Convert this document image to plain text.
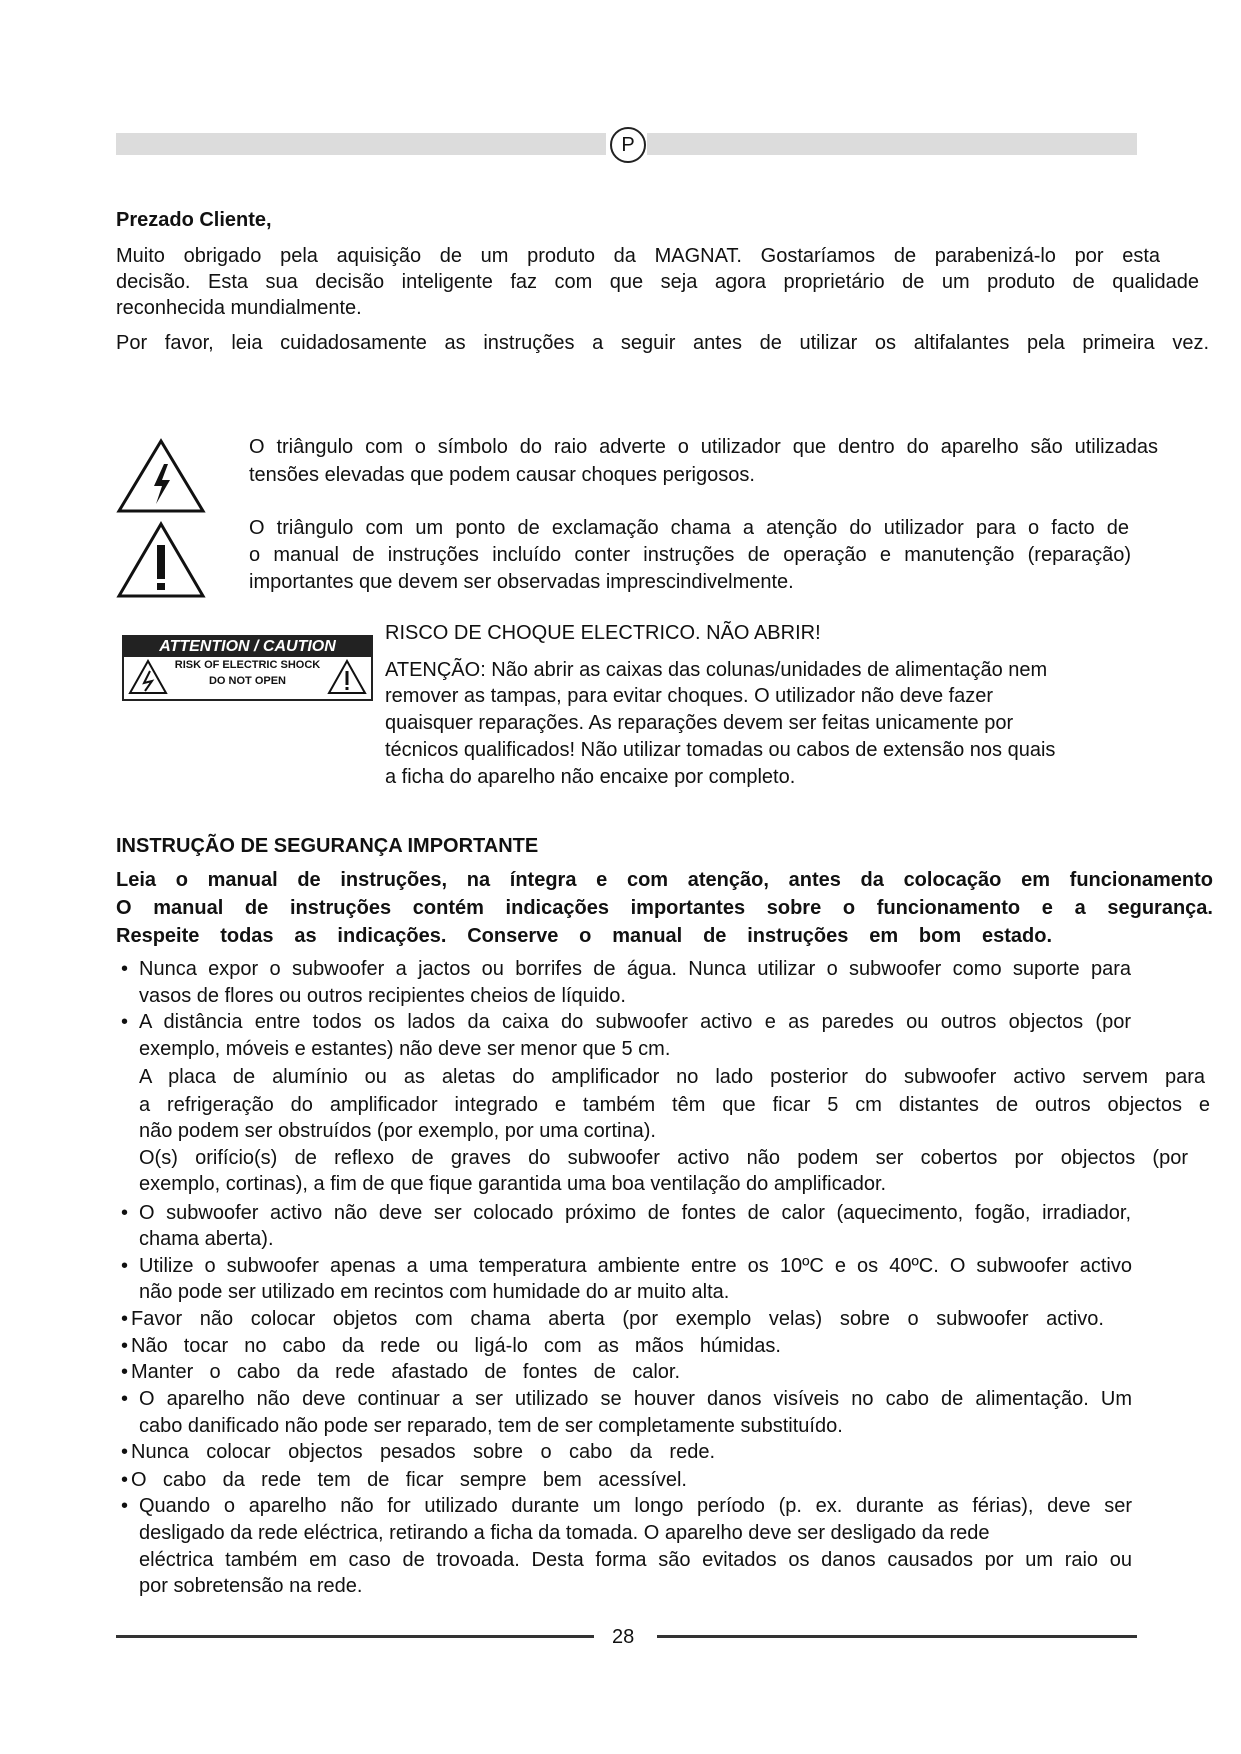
P
Prezado Cliente,
ATTENTION / CAUTION
RISK OF ELECTRIC SHOCK
DO NOT OPEN
INSTRUÇÃO DE SEGURANÇA IMPORTANTE
Muito obrigado pela aquisição de um produto da MAGNAT. Gostaríamos de parabenizá-lo por esta
decisão. Esta sua decisão inteligente faz com que seja agora proprietário de um produto de qualidade
reconhecida mundialmente.
Por favor, leia cuidadosamente as instruções a seguir antes de utilizar os altifalantes pela primeira vez.
O triângulo com o símbolo do raio adverte o utilizador que dentro do aparelho são utilizadas
tensões elevadas que podem causar choques perigosos.
O triângulo com um ponto de exclamação chama a atenção do utilizador para o facto de
o manual de instruções incluído conter instruções de operação e manutenção (reparação)
importantes que devem ser observadas imprescindivelmente.
RISCO DE CHOQUE ELECTRICO. NÃO ABRIR!
ATENÇÃO: Não abrir as caixas das colunas/unidades de alimentação nem
remover as tampas, para evitar choques. O utilizador não deve fazer
quaisquer reparações. As reparações devem ser feitas unicamente por
técnicos qualificados! Não utilizar tomadas ou cabos de extensão nos quais
a ficha do aparelho não encaixe por completo.
Leia o manual de instruções, na íntegra e com atenção, antes da colocação em funcionamento
O manual de instruções contém indicações importantes sobre o funcionamento e a segurança.
Respeite todas as indicações. Conserve o manual de instruções em bom estado.
Nunca expor o subwoofer a jactos ou borrifes de água. Nunca utilizar o subwoofer como suporte para
•
vasos de flores ou outros recipientes cheios de líquido.
A distância entre todos os lados da caixa do subwoofer activo e as paredes ou outros objectos (por
•
exemplo, móveis e estantes) não deve ser menor que 5 cm.
A placa de alumínio ou as aletas do amplificador no lado posterior do subwoofer activo servem para
a refrigeração do amplificador integrado e também têm que ficar 5 cm distantes de outros objectos e
não podem ser obstruídos (por exemplo, por uma cortina).
O(s) orifício(s) de reflexo de graves do subwoofer activo não podem ser cobertos por objectos (por
exemplo, cortinas), a fim de que fique garantida uma boa ventilação do amplificador.
O subwoofer activo não deve ser colocado próximo de fontes de calor (aquecimento, fogão, irradiador,
•
chama aberta).
Utilize o subwoofer apenas a uma temperatura ambiente entre os 10ºC e os 40ºC. O subwoofer activo
•
não pode ser utilizado em recintos com humidade do ar muito alta.
Favor não colocar objetos com chama aberta (por exemplo velas) sobre o subwoofer activo.
•
Não tocar no cabo da rede ou ligá-lo com as mãos húmidas.
•
Manter o cabo da rede afastado de fontes de calor.
•
O aparelho não deve continuar a ser utilizado se houver danos visíveis no cabo de alimentação. Um
•
cabo danificado não pode ser reparado, tem de ser completamente substituído.
Nunca colocar objectos pesados sobre o cabo da rede.
•
O cabo da rede tem de ficar sempre bem acessível.
•
Quando o aparelho não for utilizado durante um longo período (p. ex. durante as férias), deve ser
•
desligado da rede eléctrica, retirando a ficha da tomada. O aparelho deve ser desligado da rede
eléctrica também em caso de trovoada. Desta forma são evitados os danos causados por um raio ou
por sobretensão na rede.
28
